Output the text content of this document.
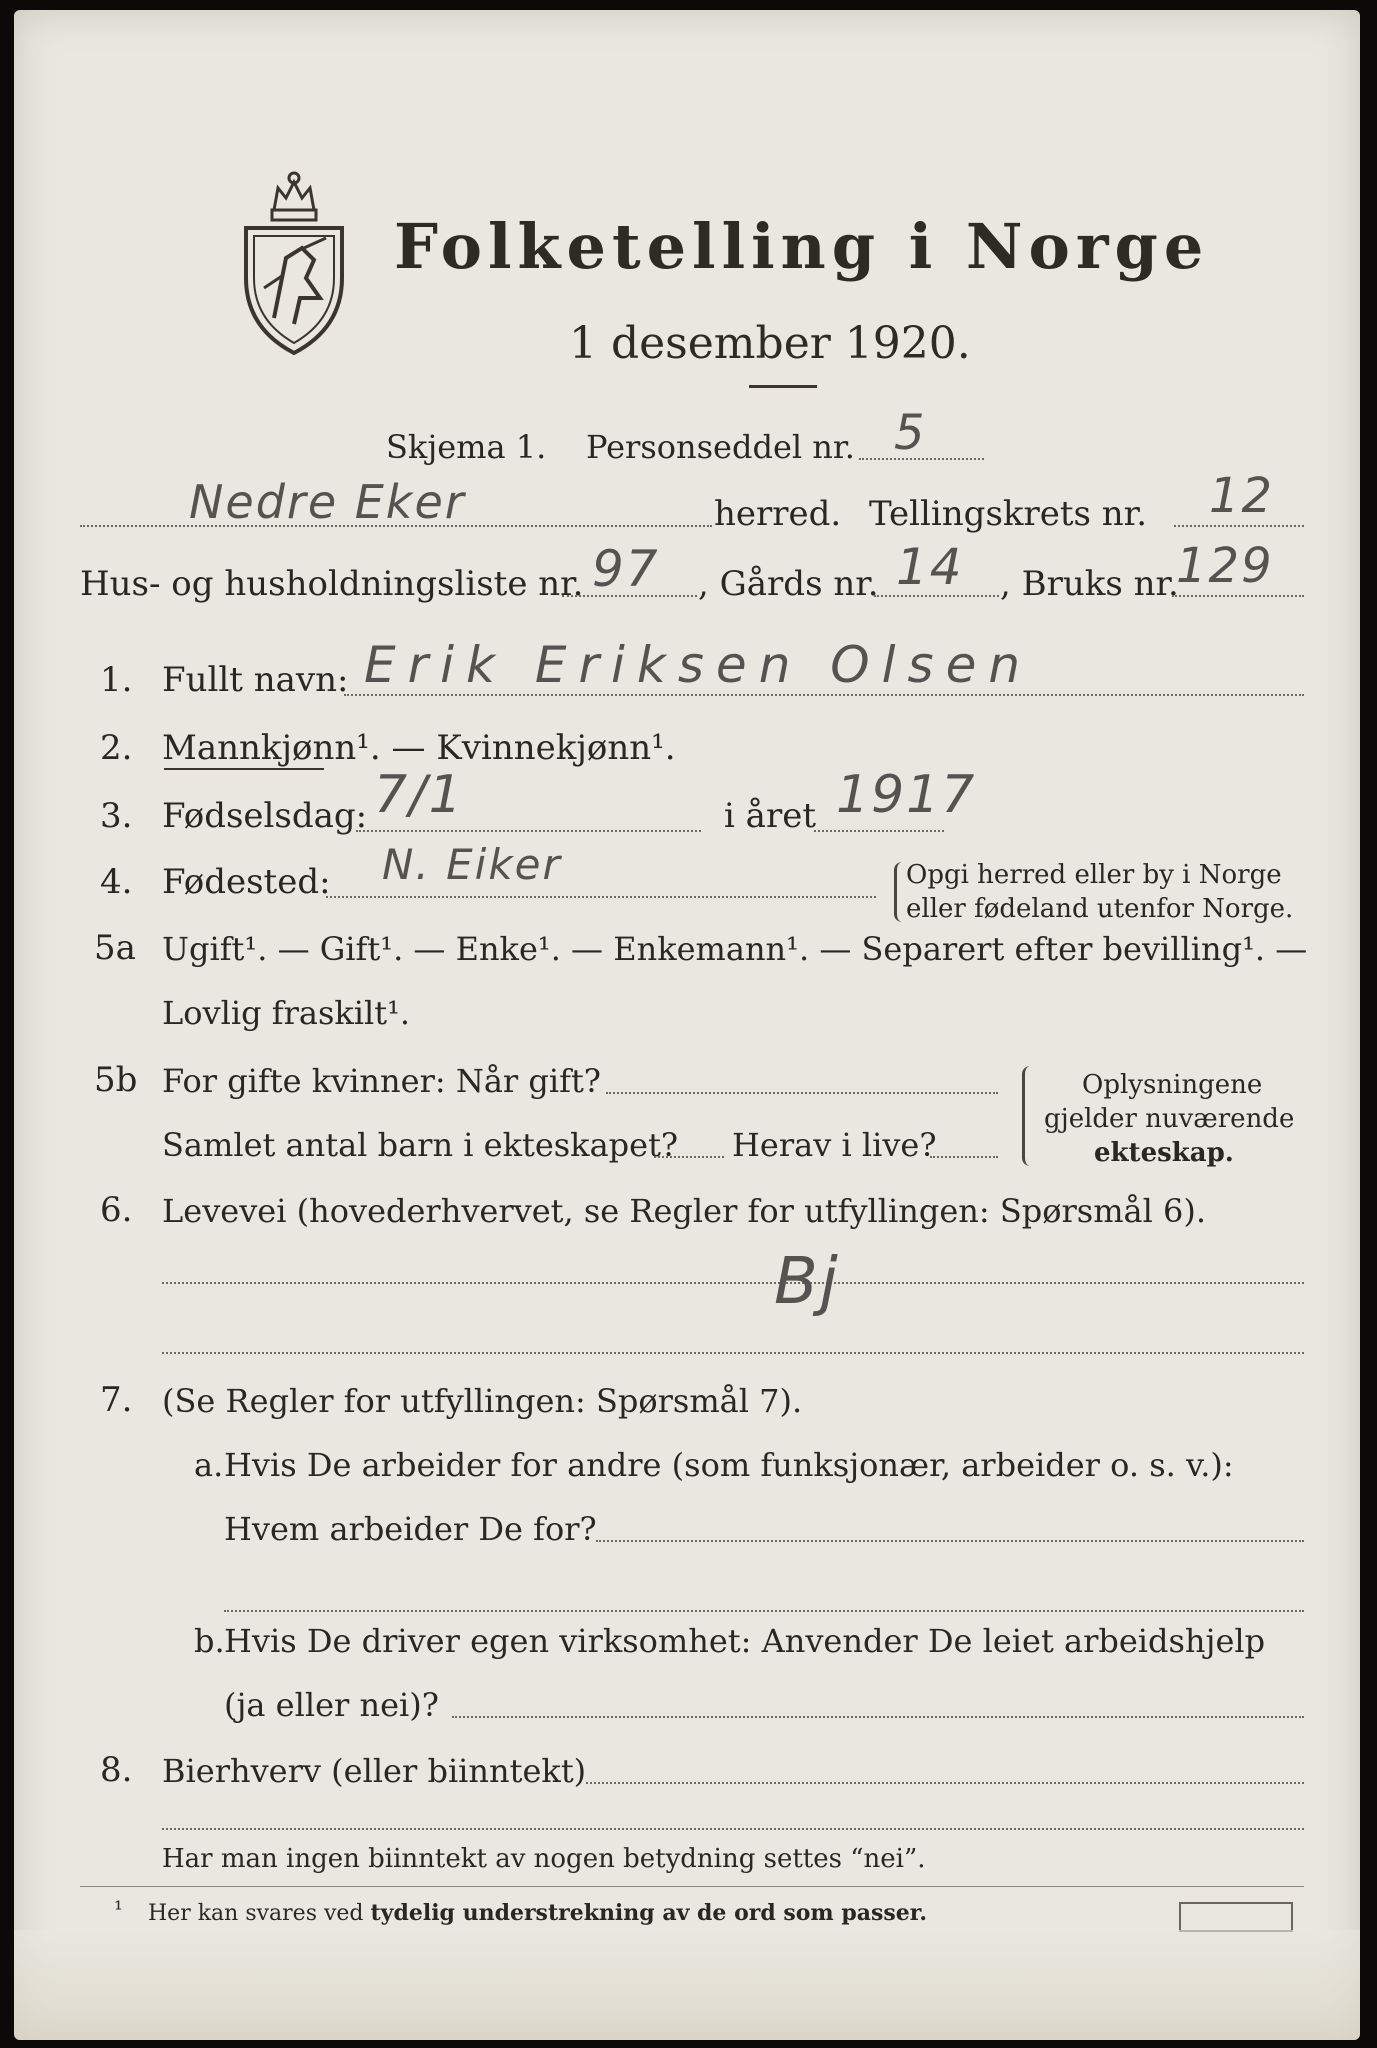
Folketelling i Norge
1 desember 1920.
Skjema 1. Personseddel nr. 5
Nedre Eker	herred. Tellingskrets nr. 12
Hus- og husholdningsliste nr. 97 , Gårds nr. 14 , Bruks nr.
129
1. Fullt navn: Erik Eriksen Olsen
2. Mannkjønn¹. — Kvinnekjønn¹.
3. Fødselsdag: 7/1	i året 1917
4. Fødested: N. Eiker	Opgi herred eller by i Norge
eller fødeland utenfor Norge.
5a Ugift¹. — Gift¹. — Enke¹. — Enkemann¹. — Separert efter bevilling¹. —
Lovlig fraskilt¹.
5b For gifte kvinner: Når gift?
Samlet antal barn i ekteskapet? Herav i live?
Oplysningene
gjelder nuværende
ekteskap.
6. Levevei (hovederhvervet, se Regler for utfyllingen: Spørsmål 6).
Bj
7. (Se Regler for utfyllingen: Spørsmål 7).
a. Hvis De arbeider for andre (som funksjonær, arbeider o. s. v.):
Hvem arbeider De for?
b. Hvis De driver egen virksomhet: Anvender De leiet arbeidshjelp
(ja eller nei)?
8. Bierhverv (eller biinntekt)
Har man ingen biinntekt av nogen betydning settes “nei”.
¹ Her kan svares ved tydelig understrekning av de ord som passer.
